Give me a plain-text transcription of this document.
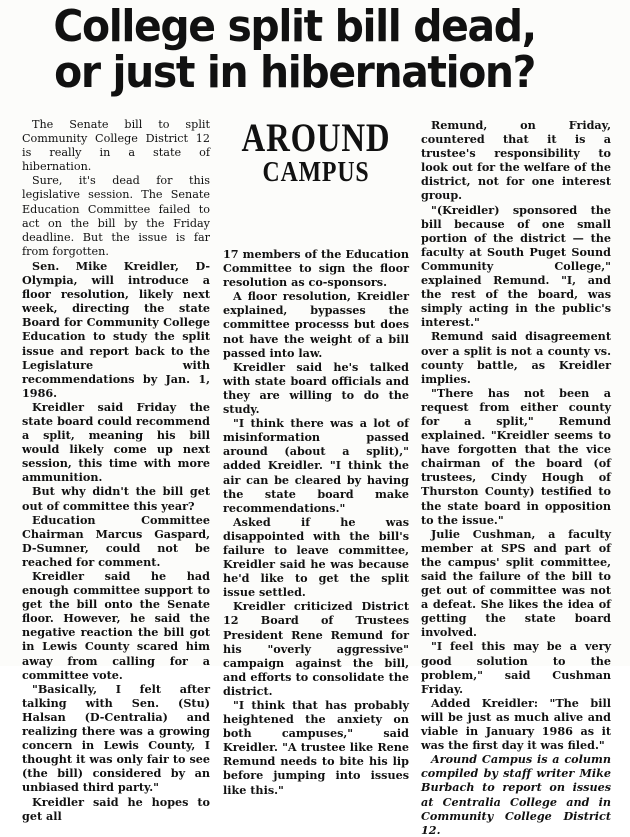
College split bill dead,
or just in hibernation?

The Senate bill to split Community College District 12 is really in a state of hibernation.

Sure, it's dead for this legislative session. The Senate Education Committee failed to act on the bill by the Friday deadline. But the issue is far from forgotten.

Sen. Mike Kreidler, D-Olympia, will introduce a floor resolution, likely next week, directing the state Board for Community College Education to study the split issue and report back to the Legislature with recommendations by Jan. 1, 1986.

Kreidler said Friday the state board could recommend a split, meaning his bill would likely come up next session, this time with more ammunition.

But why didn't the bill get out of committee this year?

Education Committee Chairman Marcus Gaspard, D-Sumner, could not be reached for comment.

Kreidler said he had enough committee support to get the bill onto the Senate floor. However, he said the negative reaction the bill got in Lewis County scared him away from calling for a committee vote.

"Basically, I felt after talking with Sen. (Stu) Halsan (D-Centralia) and realizing there was a growing concern in Lewis County, I thought it was only fair to see (the bill) considered by an unbiased third party."

Kreidler said he hopes to get all

AROUND
CAMPUS

17 members of the Education Committee to sign the floor resolution as co-sponsors.

A floor resolution, Kreidler explained, bypasses the committee processs but does not have the weight of a bill passed into law.

Kreidler said he's talked with state board officials and they are willing to do the study.

"I think there was a lot of misinformation passed around (about a split)," added Kreidler. "I think the air can be cleared by having the state board make recommendations."

Asked if he was disappointed with the bill's failure to leave committee, Kreidler said he was because he'd like to get the split issue settled.

Kreidler criticized District 12 Board of Trustees President Rene Remund for his "overly aggressive" campaign against the bill, and efforts to consolidate the district.

"I think that has probably heightened the anxiety on both campuses," said Kreidler. "A trustee like Rene Remund needs to bite his lip before jumping into issues like this."

Remund, on Friday, countered that it is a trustee's responsibility to look out for the welfare of the district, not for one interest group.

"(Kreidler) sponsored the bill because of one small portion of the district — the faculty at South Puget Sound Community College," explained Remund. "I, and the rest of the board, was simply acting in the public's interest."

Remund said disagreement over a split is not a county vs. county battle, as Kreidler implies.

"There has not been a request from either county for a split," Remund explained. "Kreidler seems to have forgotten that the vice chairman of the board (of trustees, Cindy Hough of Thurston County) testified to the state board in opposition to the issue."

Julie Cushman, a faculty member at SPS and part of the campus' split committee, said the failure of the bill to get out of committee was not a defeat. She likes the idea of getting the state board involved.

"I feel this may be a very good solution to the problem," said Cushman Friday.

Added Kreidler: "The bill will be just as much alive and viable in January 1986 as it was the first day it was filed."

Around Campus is a column compiled by staff writer Mike Burbach to report on issues at Centralia College and in Community College District 12.
